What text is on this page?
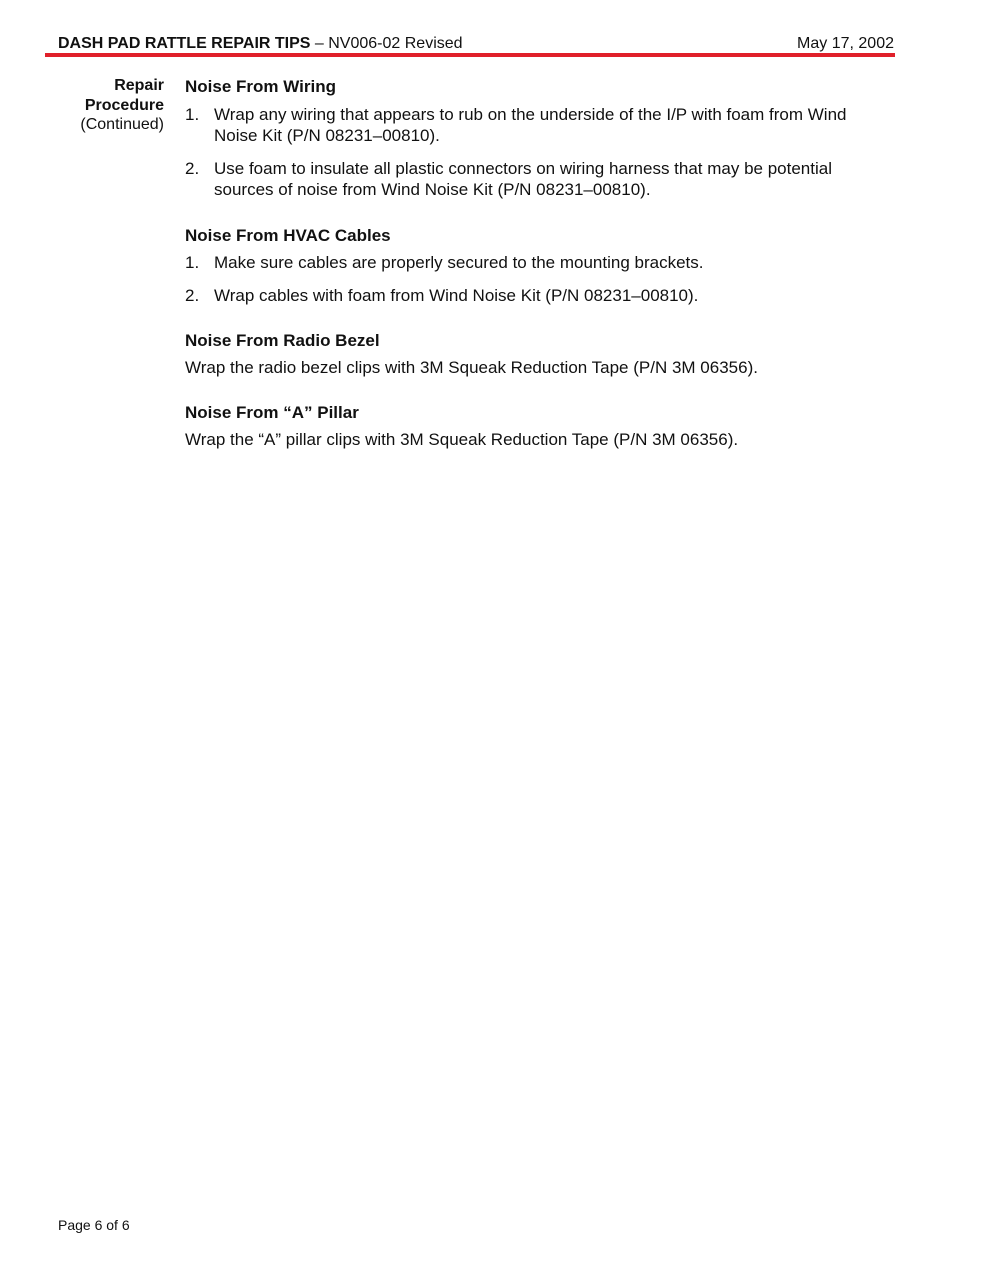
DASH PAD RATTLE REPAIR TIPS – NV006-02 Revised	May 17, 2002
Repair
Procedure
(Continued)
Noise From Wiring
1. Wrap any wiring that appears to rub on the underside of the I/P with foam from Wind Noise Kit (P/N 08231–00810).
2. Use foam to insulate all plastic connectors on wiring harness that may be potential sources of noise from Wind Noise Kit (P/N 08231–00810).
Noise From HVAC Cables
1. Make sure cables are properly secured to the mounting brackets.
2. Wrap cables with foam from Wind Noise Kit (P/N 08231–00810).
Noise From Radio Bezel

Wrap the radio bezel clips with 3M Squeak Reduction Tape (P/N 3M 06356).

Noise From “A” Pillar

Wrap the “A” pillar clips with 3M Squeak Reduction Tape (P/N 3M 06356).

Page 6 of 6
